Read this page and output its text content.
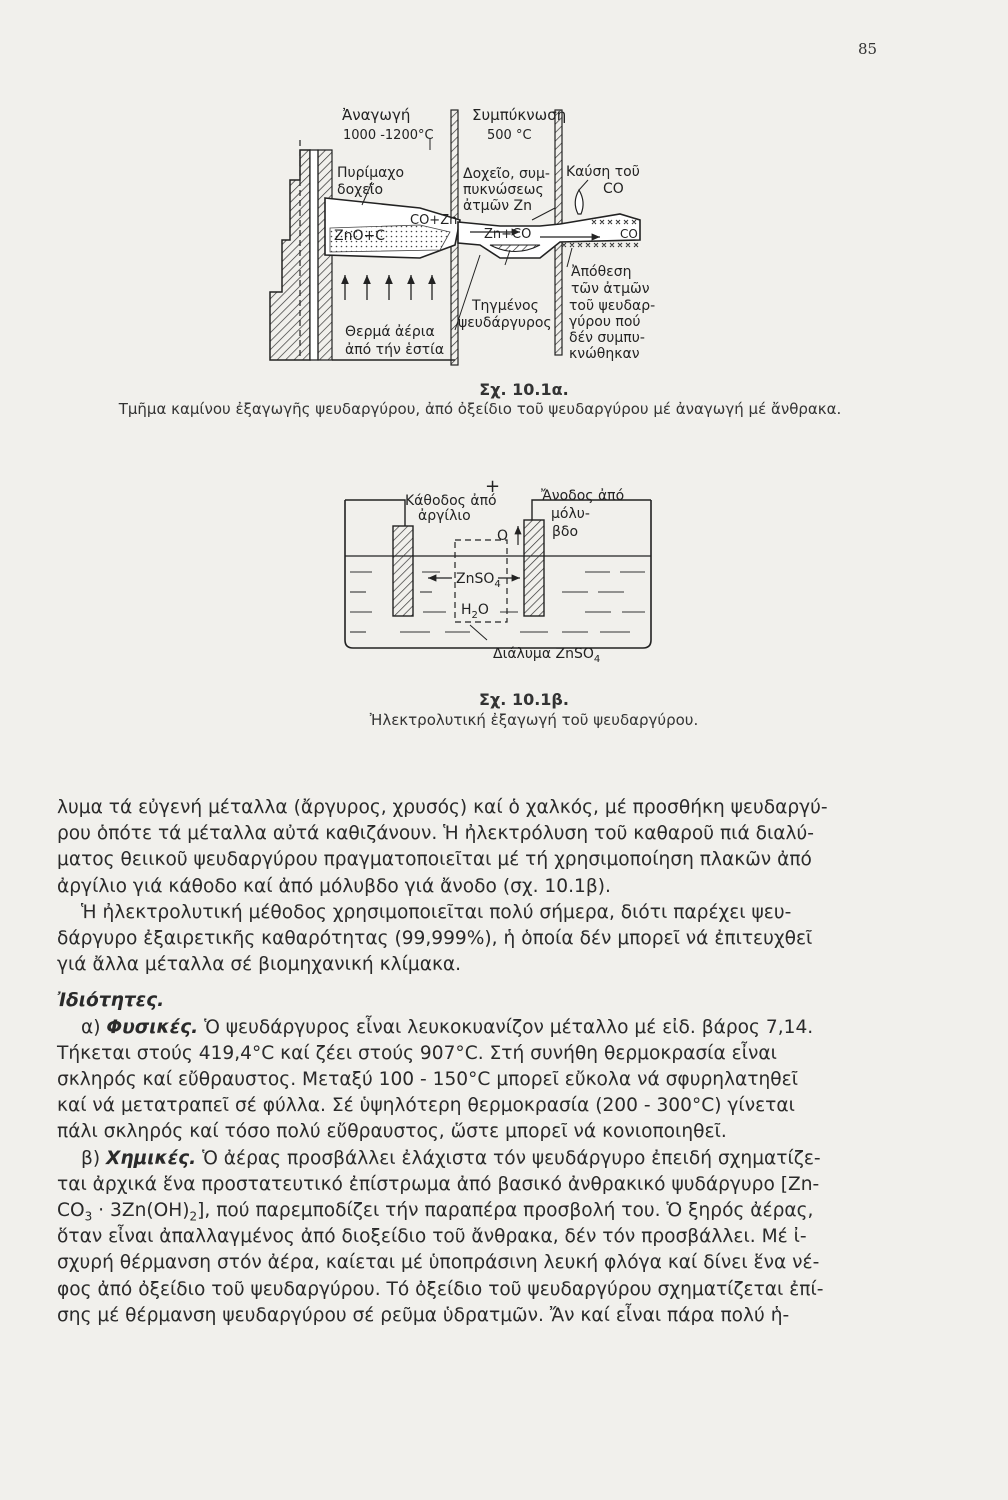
85
Ἀναγωγή
1000 -1200°C
Συμπύκνωση
500 °C
Πυρίμαχο
δοχεῖο
Δοχεῖο, συμ-
πυκνώσεως
ἀτμῶν Zn
Καύση τοῦ
CO
ZnO+C
CO+Zn
Zn+CO	CO
Τηγμένος
ψευδάργυρος
Ἀπόθεση
τῶν ἀτμῶν
τοῦ ψευδαρ-
γύρου πού
δέν συμπυ-
κνώθηκαν
Θερμά ἀέρια
ἀπό τήν ἑστία
+
Κάθοδος ἀπό
ἀργίλιο
Ἄνοδος ἀπό
μόλυ-
βδο
O
ZnSO$_4$
$H_2O$
Διάλυμα ZnSO$_4$
Σχ. 10.1α.
Τμῆμα καμίνου ἐξαγωγῆς ψευδαργύρου, ἀπό ὀξείδιο τοῦ ψευδαργύρου μέ ἀναγωγή μέ ἄνθρακα.
Σχ. 10.1β.
Ἠλεκτρολυτική ἐξαγωγή τοῦ ψευδαργύρου.
λυμα τά εὐγενή μέταλλα (ἄργυρος, χρυσός) καί ὁ χαλκός, μέ προσθήκη ψευδαργύ-
ρου ὁπότε τά μέταλλα αὐτά καθιζάνουν. Ἡ ἠλεκτρόλυση τοῦ καθαροῦ πιά διαλύ-
ματος θειικοῦ ψευδαργύρου πραγματοποιεῖται μέ τή χρησιμοποίηση πλακῶν ἀπό
ἀργίλιο γιά κάθοδο καί ἀπό μόλυβδο γιά ἄνοδο (σχ. 10.1β).
Ἡ ἠλεκτρολυτική μέθοδος χρησιμοποιεῖται πολύ σήμερα, διότι παρέχει ψευ-
δάργυρο ἐξαιρετικῆς καθαρότητας (99,999%), ἡ ὁποία δέν μπορεῖ νά ἐπιτευχθεῖ
γιά ἄλλα μέταλλα σέ βιομηχανική κλίμακα.
Ἰδιότητες.
α) Φυσικές. Ὁ ψευδάργυρος εἶναι λευκοκυανίζον μέταλλο μέ εἰδ. βάρος 7,14.
Τήκεται στούς 419,4°C καί ζέει στούς 907°C. Στή συνήθη θερμοκρασία εἶναι
σκληρός καί εὔθραυστος. Μεταξύ 100 - 150°C μπορεῖ εὔκολα νά σφυρηλατηθεῖ
καί νά μετατραπεῖ σέ φύλλα. Σέ ὑψηλότερη θερμοκρασία (200 - 300°C) γίνεται
πάλι σκληρός καί τόσο πολύ εὔθραυστος, ὥστε μπορεῖ νά κονιοποιηθεῖ.
β) Χημικές. Ὁ ἀέρας προσβάλλει ἐλάχιστα τόν ψευδάργυρο ἐπειδή σχηματίζε-
ται ἀρχικά ἕνα προστατευτικό ἐπίστρωμα ἀπό βασικό ἀνθρακικό ψυδάργυρο [Zn-
$CO_3 \cdot 3Zn(OH)_2$], πού παρεμποδίζει τήν παραπέρα προσβολή του. Ὁ ξηρός ἀέρας,
ὅταν εἶναι ἀπαλλαγμένος ἀπό διοξείδιο τοῦ ἄνθρακα, δέν τόν προσβάλλει. Μέ ἰ-
σχυρή θέρμανση στόν ἀέρα, καίεται μέ ὑποπράσινη λευκή φλόγα καί δίνει ἕνα νέ-
φος ἀπό ὀξείδιο τοῦ ψευδαργύρου. Τό ὀξείδιο τοῦ ψευδαργύρου σχηματίζεται ἐπί-
σης μέ θέρμανση ψευδαργύρου σέ ρεῦμα ὑδρατμῶν. Ἄν καί εἶναι πάρα πολύ ἡ-
